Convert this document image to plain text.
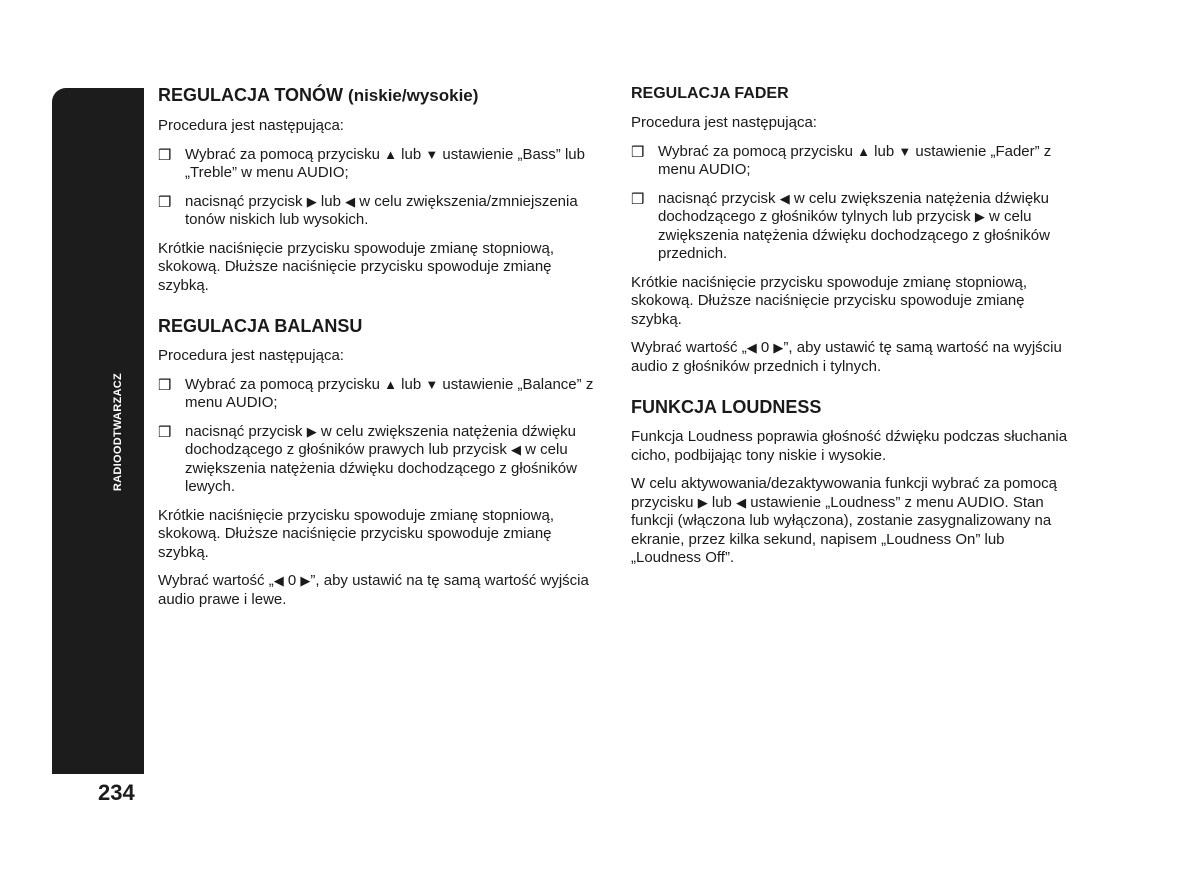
RADIOODTWARZACZ
234
REGULACJA TONÓW (niskie/wysokie)

Procedura jest następująca:

❒ Wybrać za pomocą przycisku ▲ lub ▼ ustawienie „Bass” lub „Treble” w menu AUDIO;
❒ nacisnąć przycisk ▶ lub ◀ w celu zwiększenia/zmniejszenia tonów niskich lub wysokich.

Krótkie naciśnięcie przycisku spowoduje zmianę stopniową, skokową. Dłuższe naciśnięcie przycisku spowoduje zmianę szybką.

REGULACJA BALANSU

Procedura jest następująca:

❒ Wybrać za pomocą przycisku ▲ lub ▼ ustawienie „Balance” z menu AUDIO;
❒ nacisnąć przycisk ▶ w celu zwiększenia natężenia dźwięku dochodzącego z głośników prawych lub przycisk ◀ w celu zwiększenia natężenia dźwięku dochodzącego z głośników lewych.

Krótkie naciśnięcie przycisku spowoduje zmianę stopniową, skokową. Dłuższe naciśnięcie przycisku spowoduje zmianę szybką.

Wybrać wartość „◀ 0 ▶”, aby ustawić na tę samą wartość wyjścia audio prawe i lewe.

REGULACJA FADER

Procedura jest następująca:

❒ Wybrać za pomocą przycisku ▲ lub ▼ ustawienie „Fader” z menu AUDIO;
❒ nacisnąć przycisk ◀ w celu zwiększenia natężenia dźwięku dochodzącego z głośników tylnych lub przycisk ▶ w celu zwiększenia natężenia dźwięku dochodzącego z głośników przednich.

Krótkie naciśnięcie przycisku spowoduje zmianę stopniową, skokową. Dłuższe naciśnięcie przycisku spowoduje zmianę szybką.

Wybrać wartość „◀ 0 ▶”, aby ustawić tę samą wartość na wyjściu audio z głośników przednich i tylnych.

FUNKCJA LOUDNESS

Funkcja Loudness poprawia głośność dźwięku podczas słuchania cicho, podbijając tony niskie i wysokie.

W celu aktywowania/dezaktywowania funkcji wybrać za pomocą przycisku ▶ lub ◀ ustawienie „Loudness” z menu AUDIO. Stan funkcji (włączona lub wyłączona), zostanie zasygnalizowany na ekranie, przez kilka sekund, napisem „Loudness On” lub „Loudness Off”.
